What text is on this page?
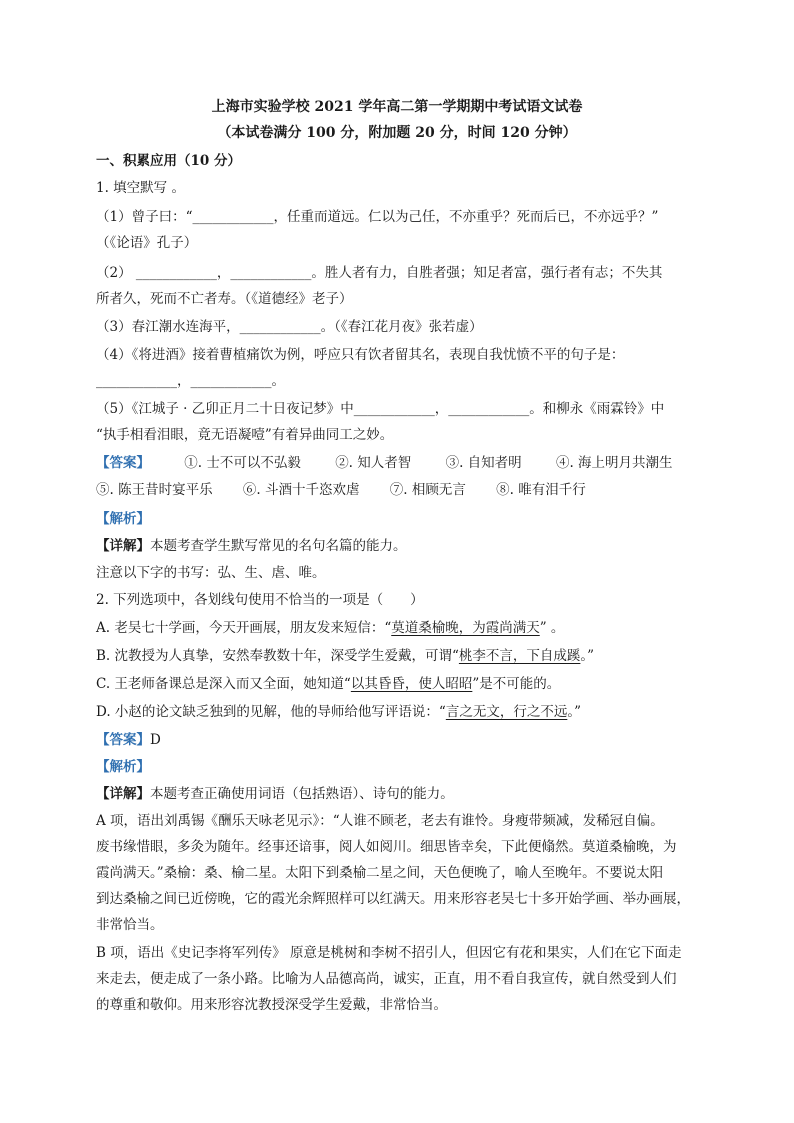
上海市实验学校 2021 学年高二第一学期期中考试语文试卷
（本试卷满分 100 分，附加题 20 分，时间 120 分钟）
一、积累应用（10 分）
1. 填空默写 。
（1）曾子曰：“____________，任重而道远。仁以为己任，不亦重乎？死而后已，不亦远乎？”
（《论语》孔子）
（2） ____________，____________。胜人者有力，自胜者强；知足者富，强行者有志；不失其
所者久，死而不亡者寿。（《道德经》老子）
（3）春江潮水连海平，____________。（《春江花月夜》张若虚）
（4）《将进酒》接着曹植痛饮为例，呼应只有饮者留其名，表现自我忧愤不平的句子是：
____________，____________。
（5）《江城子 · 乙卯正月二十日夜记梦》中____________，____________。和柳永《雨霖铃》中
“执手相看泪眼，竟无语凝噎”有着异曲同工之妙。
【答案】	①. 士不可以不弘毅	②. 知人者智	③. 自知者明	④. 海上明月共潮生
⑤. 陈王昔时宴平乐 ⑥. 斗酒十千恣欢虐 ⑦. 相顾无言 ⑧. 唯有泪千行
【解析】
【详解】本题考查学生默写常见的名句名篇的能力。
注意以下字的书写：弘、生、虐、唯。
2. 下列选项中，各划线句使用不恰当的一项是（　　）
A. 老吴七十学画，今天开画展，朋友发来短信：“莫道桑榆晚，为霞尚满天” 。
B. 沈教授为人真挚，安然奉教数十年，深受学生爱戴，可谓“桃李不言，下自成蹊。”
C. 王老师备课总是深入而又全面，她知道“以其昏昏，使人昭昭”是不可能的。
D. 小赵的论文缺乏独到的见解，他的导师给他写评语说：“言之无文，行之不远。”
【答案】D
【解析】
【详解】本题考查正确使用词语（包括熟语）、诗句的能力。
A 项，语出刘禹锡《酬乐天咏老见示》：“人谁不顾老，老去有谁怜。身瘦带频减，发稀冠自偏。
废书缘惜眼，多灸为随年。经事还谙事，阅人如阅川。细思皆幸矣，下此便翛然。莫道桑榆晚，为
霞尚满天。”桑榆：桑、榆二星。太阳下到桑榆二星之间，天色便晚了，喻人至晚年。不要说太阳
到达桑榆之间已近傍晚，它的霞光余辉照样可以红满天。用来形容老吴七十多开始学画、举办画展，
非常恰当。
B 项，语出《史记李将军列传》 原意是桃树和李树不招引人，但因它有花和果实，人们在它下面走
来走去，便走成了一条小路。比喻为人品德高尚，诚实，正直，用不看自我宣传，就自然受到人们
的尊重和敬仰。用来形容沈教授深受学生爱戴，非常恰当。
